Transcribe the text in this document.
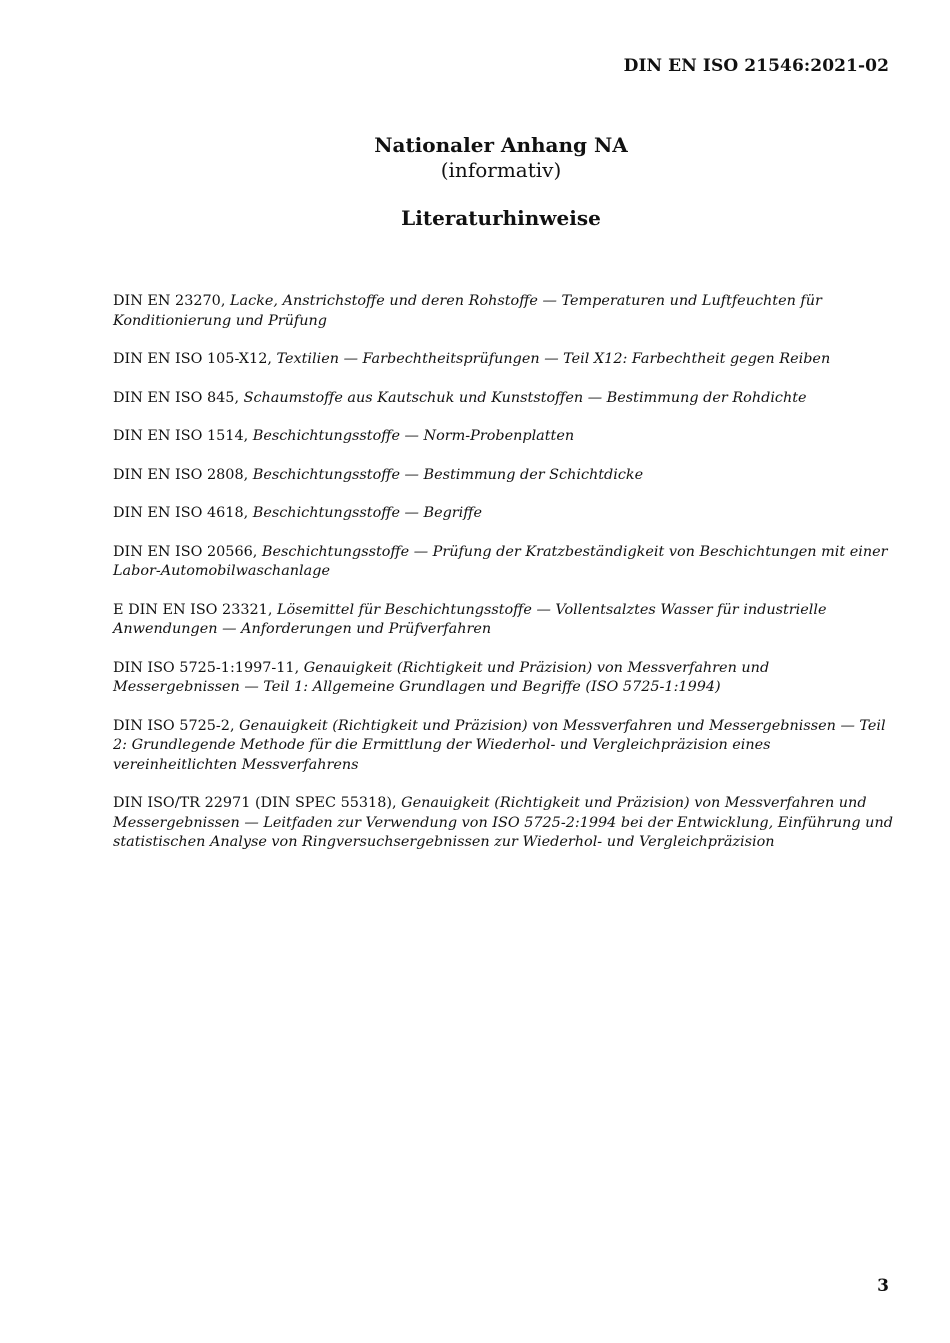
DIN EN ISO 21546:2021-02
Nationaler Anhang NA
(informativ)
Literaturhinweise

DIN EN 23270, Lacke, Anstrichstoffe und deren Rohstoffe — Temperaturen und Luftfeuchten für Konditionierung und Prüfung

DIN EN ISO 105-X12, Textilien — Farbechtheitsprüfungen — Teil X12: Farbechtheit gegen Reiben

DIN EN ISO 845, Schaumstoffe aus Kautschuk und Kunststoffen — Bestimmung der Rohdichte

DIN EN ISO 1514, Beschichtungsstoffe — Norm-Probenplatten

DIN EN ISO 2808, Beschichtungsstoffe — Bestimmung der Schichtdicke

DIN EN ISO 4618, Beschichtungsstoffe — Begriffe

DIN EN ISO 20566, Beschichtungsstoffe — Prüfung der Kratzbeständigkeit von Beschichtungen mit einer Labor-Automobilwaschanlage

E DIN EN ISO 23321, Lösemittel für Beschichtungsstoffe — Vollentsalztes Wasser für industrielle Anwendungen — Anforderungen und Prüfverfahren

DIN ISO 5725-1:1997-11, Genauigkeit (Richtigkeit und Präzision) von Messverfahren und Messergebnissen — Teil 1: Allgemeine Grundlagen und Begriffe (ISO 5725-1:1994)

DIN ISO 5725-2, Genauigkeit (Richtigkeit und Präzision) von Messverfahren und Messergebnissen — Teil 2: Grundlegende Methode für die Ermittlung der Wiederhol- und Vergleichpräzision eines vereinheitlichten Messverfahrens

DIN ISO/TR 22971 (DIN SPEC 55318), Genauigkeit (Richtigkeit und Präzision) von Messverfahren und Messergebnissen — Leitfaden zur Verwendung von ISO 5725-2:1994 bei der Entwicklung, Einführung und statistischen Analyse von Ringversuchsergebnissen zur Wiederhol- und Vergleichpräzision

3
